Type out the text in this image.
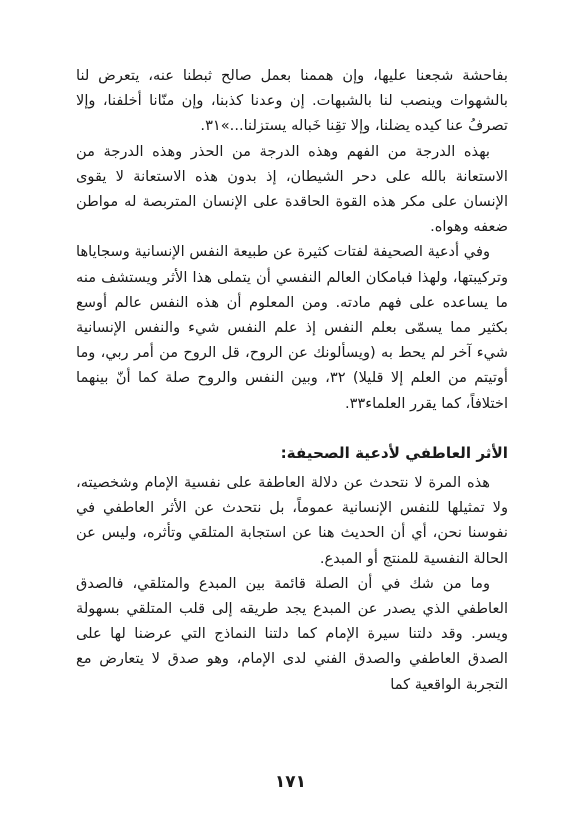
بفاحشة شجعنا عليها، وإن هممنا بعمل صالح ثبطنا عنه، يتعرض لنا بالشهوات وينصب لنا بالشبهات. إن وعدنا كذبنا، وإن منّانا أخلفنا، وإلا تصرفُ عنا كيده يضلنا، وإلا تقِنا خَباله يستزلنا...»٣١.

بهذه الدرجة من الفهم وهذه الدرجة من الحذر وهذه الدرجة من الاستعانة بالله على دحر الشيطان، إذ بدون هذه الاستعانة لا يقوى الإنسان على مكر هذه القوة الحاقدة على الإنسان المتربصة له مواطن ضعفه وهواه.

وفي أدعية الصحيفة لفتات كثيرة عن طبيعة النفس الإنسانية وسجاياها وتركيبتها، ولهذا فبامكان العالم النفسي أن يتملى هذا الأثر ويستشف منه ما يساعده على فهم مادته. ومن المعلوم أن هذه النفس عالم أوسع بكثير مما يسمّى بعلم النفس إذ علم النفس شيء والنفس الإنسانية شيء آخر لم يحط به (ويسألونك عن الروح، قل الروح من أمر ربي، وما أوتيتم من العلم إلا قليلا) ٣٢، وبين النفس والروح صلة كما أنّ بينهما اختلافاً، كما يقرر العلماء٣٣.

الأثر العاطفي لأدعية الصحيفة:

هذه المرة لا نتحدث عن دلالة العاطفة على نفسية الإمام وشخصيته، ولا تمثيلها للنفس الإنسانية عموماً، بل نتحدث عن الأثر العاطفي في نفوسنا نحن، أي أن الحديث هنا عن استجابة المتلقي وتأثره، وليس عن الحالة النفسية للمنتج أو المبدع.

وما من شك في أن الصلة قائمة بين المبدع والمتلقي، فالصدق العاطفي الذي يصدر عن المبدع يجد طريقه إلى قلب المتلقي بسهولة ويسر. وقد دلتنا سيرة الإمام كما دلتنا النماذج التي عرضنا لها على الصدق العاطفي والصدق الفني لدى الإمام، وهو صدق لا يتعارض مع التجربة الواقعية كما

١٧١
